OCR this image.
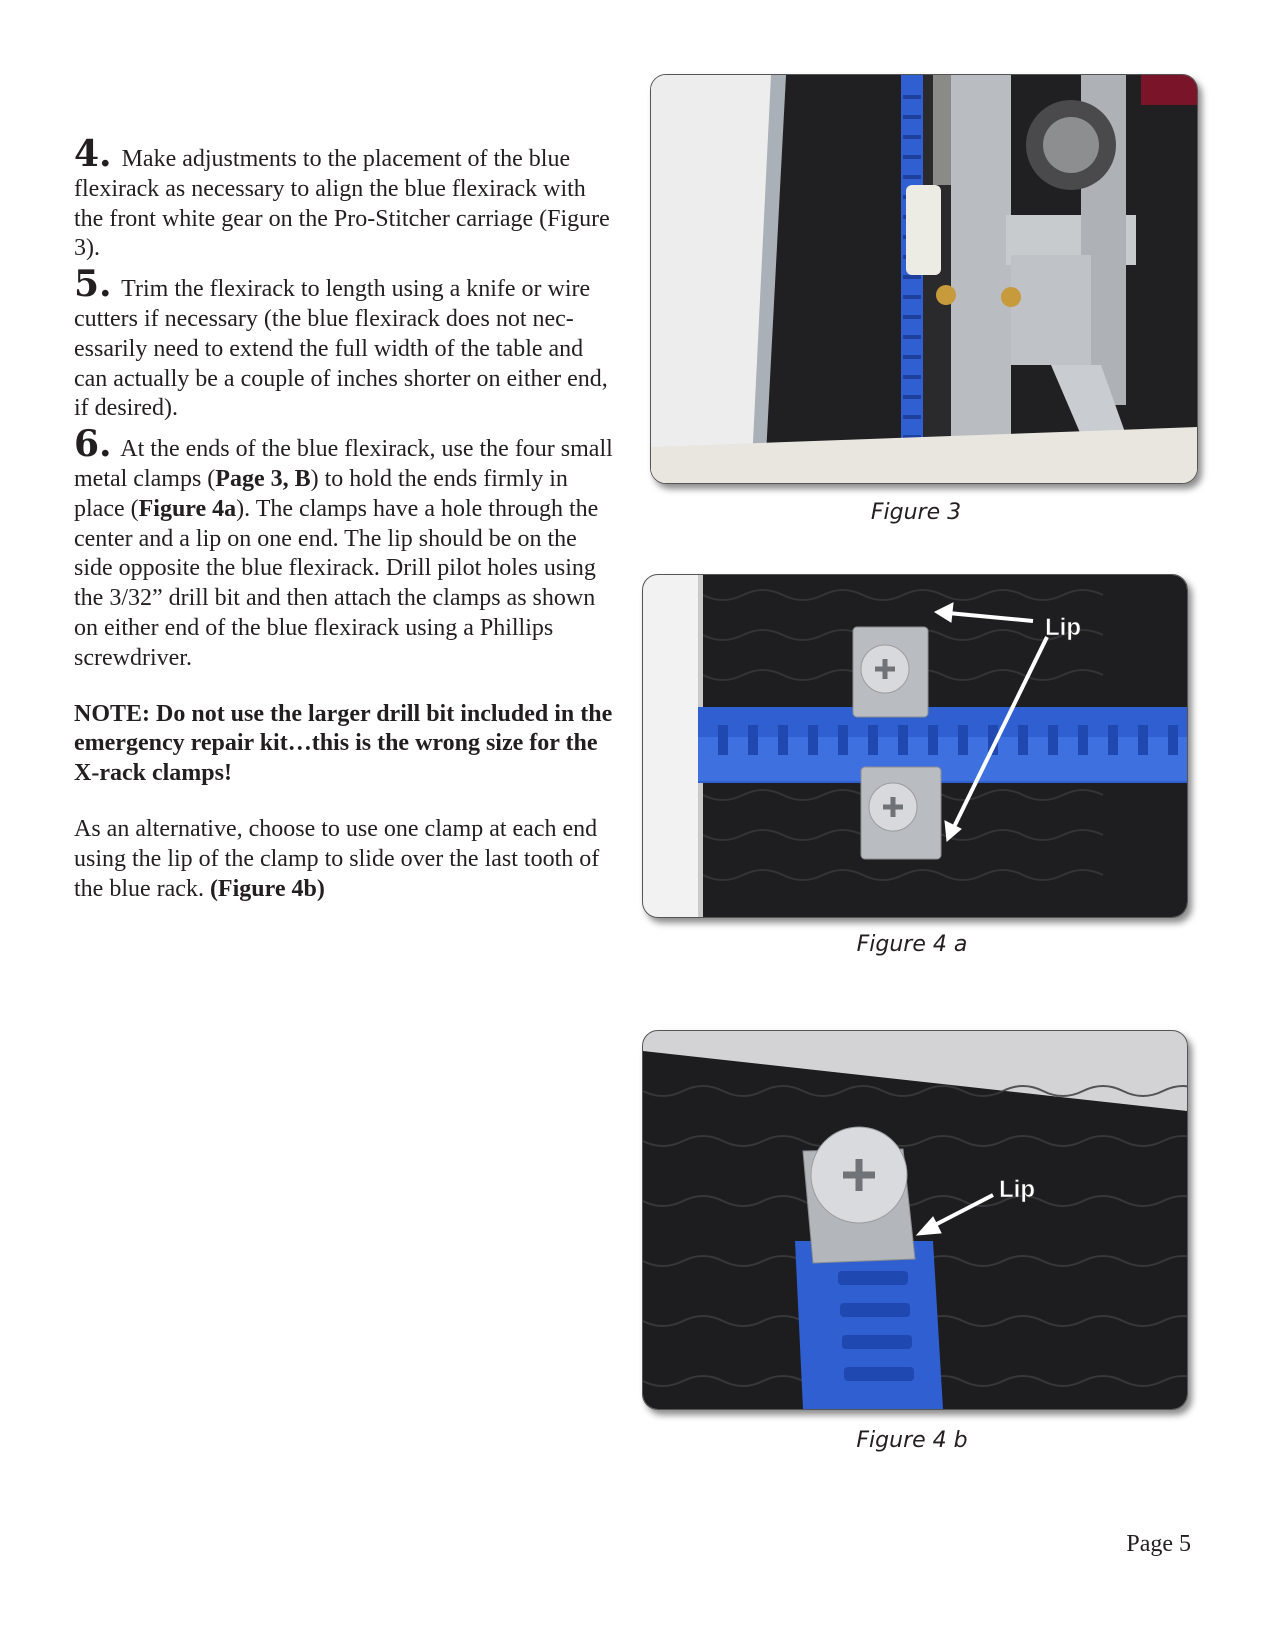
4. Make adjustments to the placement of the blue flexirack as necessary to align the blue flexirack with the front white gear on the Pro-Stitcher carriage (Figure 3).

5. Trim the flexirack to length using a knife or wire cutters if necessary (the blue flexirack does not nec-essarily need to extend the full width of the table and can actually be a couple of inches shorter on either end, if desired).

6. At the ends of the blue flexirack, use the four small metal clamps (Page 3, B) to hold the ends firmly in place (Figure 4a). The clamps have a hole through the center and a lip on one end. The lip should be on the side opposite the blue flexirack. Drill pilot holes using the 3/32” drill bit and then attach the clamps as shown on either end of the blue flexirack using a Phillips screwdriver.

NOTE: Do not use the larger drill bit included in the emergency repair kit…this is the wrong size for the X-rack clamps!

As an alternative, choose to use one clamp at each end using the lip of the clamp to slide over the last tooth of the blue rack. (Figure 4b)

Figure 3
Lip
Figure 4 a
Lip
Figure 4 b
Page 5
